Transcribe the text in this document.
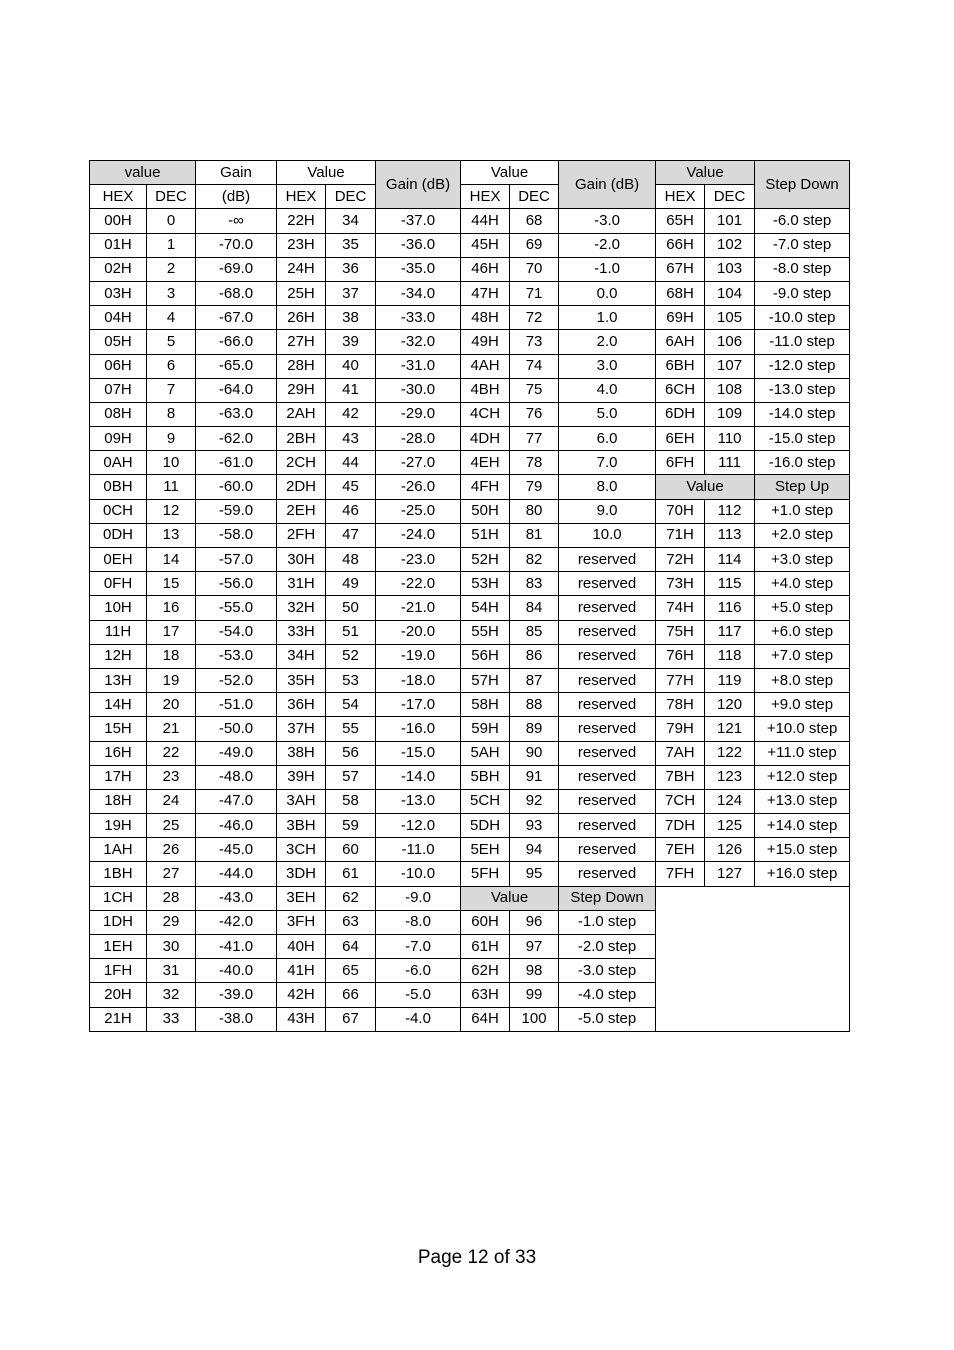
value		Gain	Value		Gain (dB)	Value		Gain (dB)	Value		Step Down
HEX	DEC	(dB)	HEX	DEC		HEX	DEC		HEX	DEC	
00H	0	-∞	22H	34	-37.0	44H	68	-3.0	65H	101	-6.0 step
01H	1	-70.0	23H	35	-36.0	45H	69	-2.0	66H	102	-7.0 step
02H	2	-69.0	24H	36	-35.0	46H	70	-1.0	67H	103	-8.0 step
03H	3	-68.0	25H	37	-34.0	47H	71	0.0	68H	104	-9.0 step
04H	4	-67.0	26H	38	-33.0	48H	72	1.0	69H	105	-10.0 step
05H	5	-66.0	27H	39	-32.0	49H	73	2.0	6AH	106	-11.0 step
06H	6	-65.0	28H	40	-31.0	4AH	74	3.0	6BH	107	-12.0 step
07H	7	-64.0	29H	41	-30.0	4BH	75	4.0	6CH	108	-13.0 step
08H	8	-63.0	2AH	42	-29.0	4CH	76	5.0	6DH	109	-14.0 step
09H	9	-62.0	2BH	43	-28.0	4DH	77	6.0	6EH	110	-15.0 step
0AH	10	-61.0	2CH	44	-27.0	4EH	78	7.0	6FH	111	-16.0 step
0BH	11	-60.0	2DH	45	-26.0	4FH	79	8.0	Value		Step Up
0CH	12	-59.0	2EH	46	-25.0	50H	80	9.0	70H	112	+1.0 step
0DH	13	-58.0	2FH	47	-24.0	51H	81	10.0	71H	113	+2.0 step
0EH	14	-57.0	30H	48	-23.0	52H	82	reserved	72H	114	+3.0 step
0FH	15	-56.0	31H	49	-22.0	53H	83	reserved	73H	115	+4.0 step
10H	16	-55.0	32H	50	-21.0	54H	84	reserved	74H	116	+5.0 step
11H	17	-54.0	33H	51	-20.0	55H	85	reserved	75H	117	+6.0 step
12H	18	-53.0	34H	52	-19.0	56H	86	reserved	76H	118	+7.0 step
13H	19	-52.0	35H	53	-18.0	57H	87	reserved	77H	119	+8.0 step
14H	20	-51.0	36H	54	-17.0	58H	88	reserved	78H	120	+9.0 step
15H	21	-50.0	37H	55	-16.0	59H	89	reserved	79H	121	+10.0 step
16H	22	-49.0	38H	56	-15.0	5AH	90	reserved	7AH	122	+11.0 step
17H	23	-48.0	39H	57	-14.0	5BH	91	reserved	7BH	123	+12.0 step
18H	24	-47.0	3AH	58	-13.0	5CH	92	reserved	7CH	124	+13.0 step
19H	25	-46.0	3BH	59	-12.0	5DH	93	reserved	7DH	125	+14.0 step
1AH	26	-45.0	3CH	60	-11.0	5EH	94	reserved	7EH	126	+15.0 step
1BH	27	-44.0	3DH	61	-10.0	5FH	95	reserved	7FH	127	+16.0 step
1CH	28	-43.0	3EH	62	-9.0	Value		Step Down			
1DH	29	-42.0	3FH	63	-8.0	60H	96	-1.0 step			
1EH	30	-41.0	40H	64	-7.0	61H	97	-2.0 step			
1FH	31	-40.0	41H	65	-6.0	62H	98	-3.0 step			
20H	32	-39.0	42H	66	-5.0	63H	99	-4.0 step			
21H	33	-38.0	43H	67	-4.0	64H	100	-5.0 step			
Page 12 of 33
